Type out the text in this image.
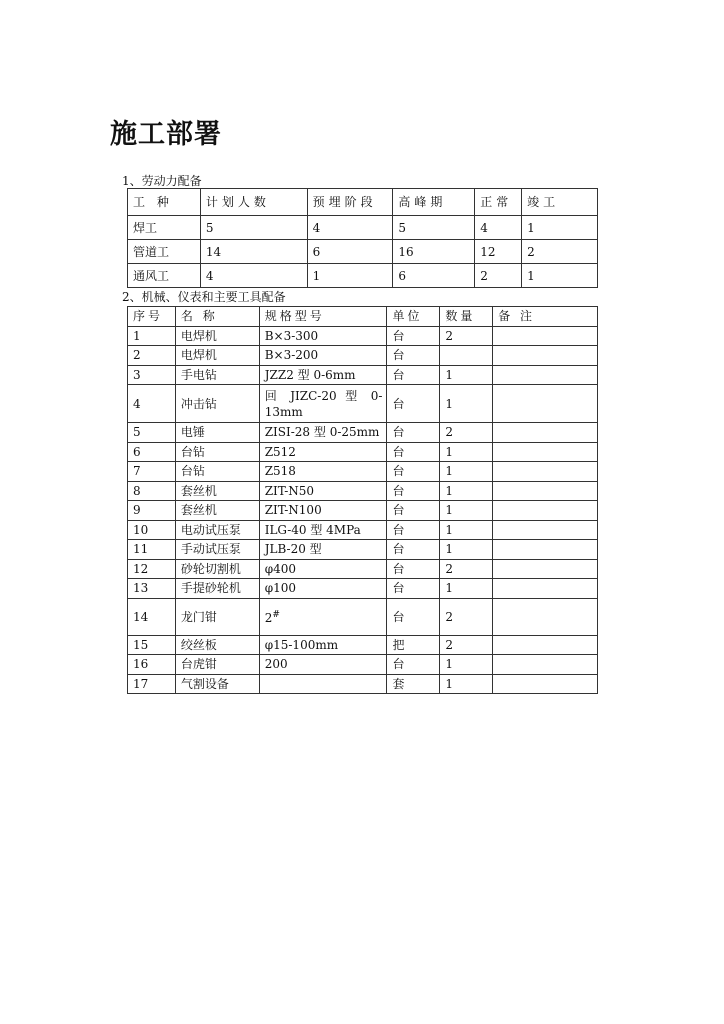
施工部署

1、劳动力配备

工 种	计划人数	预埋阶段	高峰期	正常	竣工
焊工	5	4	5	4	1
管道工	14	6	16	12	2
通风工	4	1	6	2	1

2、机械、仪表和主要工具配备

序号	名 称	规格型号	单位	数量	备 注
1	电焊机	B×3-300	台	2	
2	电焊机	B×3-200	台		
3	手电钻	JZZ2 型 0-6mm	台	1	
4	冲击钻	回 JIZC-20 型 0-13mm	台	1	
5	电锤	ZISI-28 型 0-25mm	台	2	
6	台钻	Z512	台	1	
7	台钻	Z518	台	1	
8	套丝机	ZIT-N50	台	1	
9	套丝机	ZIT-N100	台	1	
10	电动试压泵	ILG-40 型 4MPa	台	1	
11	手动试压泵	JLB-20 型	台	1	
12	砂轮切割机	φ400	台	2	
13	手提砂轮机	φ100	台	1	
14	龙门钳	2#	台	2	
15	绞丝板	φ15-100mm	把	2	
16	台虎钳	200	台	1	
17	气割设备		套	1	
